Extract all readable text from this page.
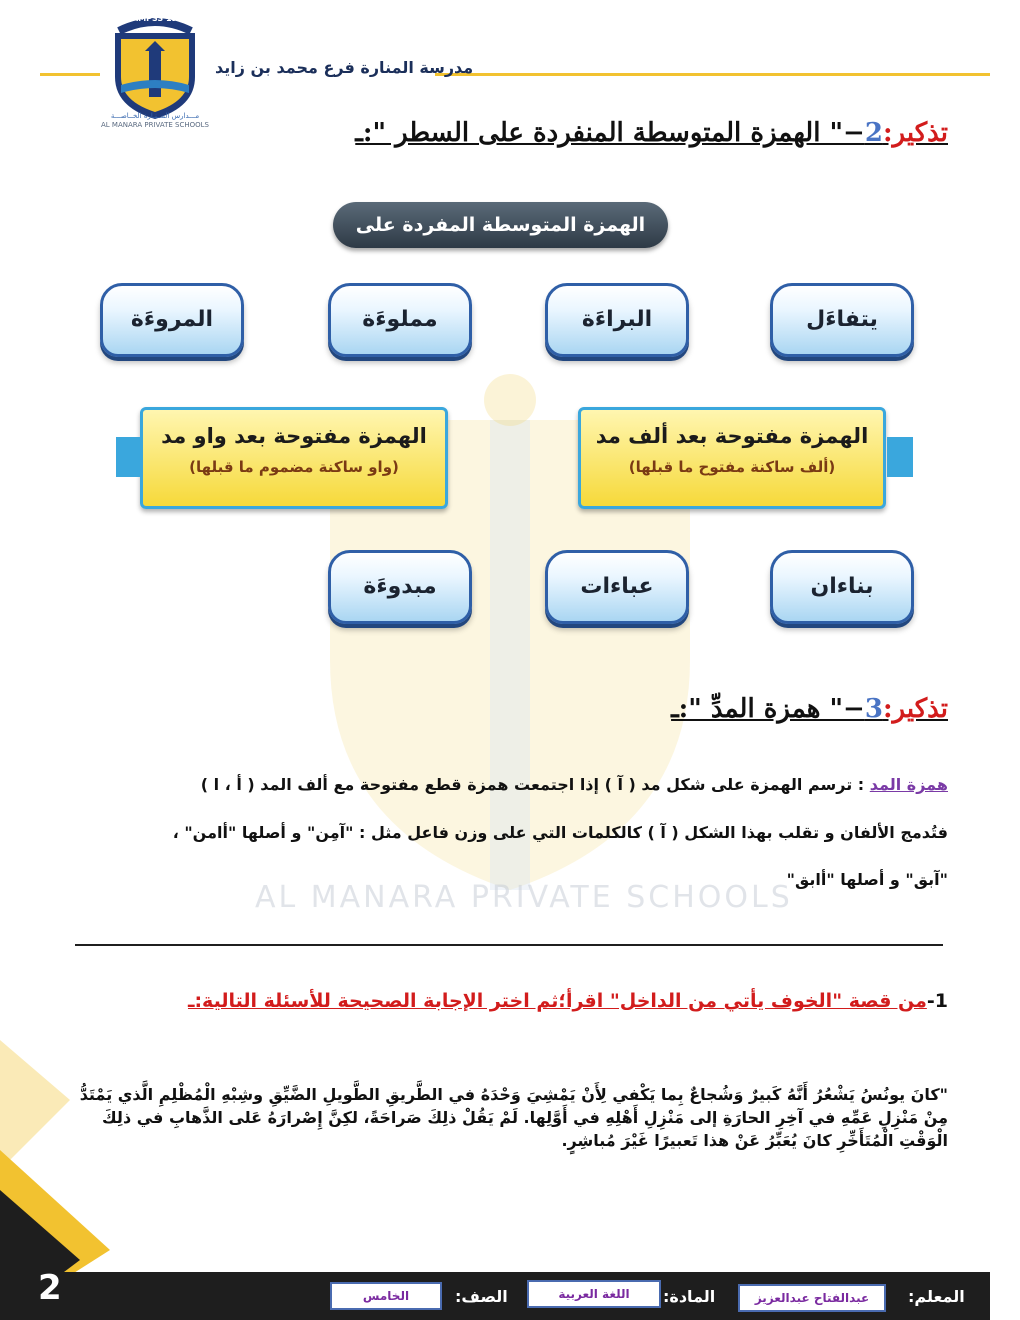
AL MANARA PRIVATE SCHOOLS
AMPSS 1984
مـــدارس المــنـارة الخــاصـــة
AL MANARA PRIVATE SCHOOLS
مدرسة المنارة فرع محمد بن زايد
تذكير:2−" الهمزة المتوسطة المنفردة على السطر ":ـ
الهمزة المتوسطة المفردة على السطر
يتفاءَل
البراءَة
مملوءَة
المروءَة
الهمزة مفتوحة بعد ألف مد
(ألف ساكنة مفتوح ما قبلها)
الهمزة مفتوحة بعد واو مد
(واو ساكنة مضموم ما قبلها)
بناءان
عباءات
مبدوءَة
تذكير:3−" همزة المدِّ ":ـ
همزة المد : ترسم الهمزة على شكل مد ( آ ) إذا اجتمعت همزة قطع مفتوحة مع ألف المد ( أ ، ا )
فتُدمج الألفان و تقلب بهذا الشكل ( آ ) كالكلمات التي على وزن فاعل مثل : "آمِن" و أصلها "أامن" ،
"آبق" و أصلها "أابق"
1-من قصة "الخوف يأتي من الداخل" اقرأ؛ثم اختر الإجابة الصحيحة للأسئلة التالية:ـ
"كانَ يونُسُ يَشْعُرُ أَنَّهُ كَبيرٌ وَشُجاعٌ بِما يَكْفي لِأَنْ يَمْشِيَ وَحْدَهُ في الطَّريقِ الطَّويلِ الضَّيِّقِ وشِبْهِ الْمُظْلِمِ الَّذي يَمْتَدُّ مِنْ مَنْزِلِ عَمِّهِ في آخِرِ الحارَةِ إلى مَنْزِلِ أَهْلِهِ في أَوَّلِها. لَمْ يَقُلْ ذلِكَ صَراحَةً، لكِنَّ إِصْرارَهُ عَلى الذَّهابِ في ذلِكَ الْوَقْتِ الْمُتَأَخِّرِ كانَ يُعَبِّرُ عَنْ هذا تَعبيرًا غَيْرَ مُباشِرٍ.
2	المعلم:
عبدالفتاح عبدالعزيز
المادة:
اللغة العربية
الصف:
الخامس
